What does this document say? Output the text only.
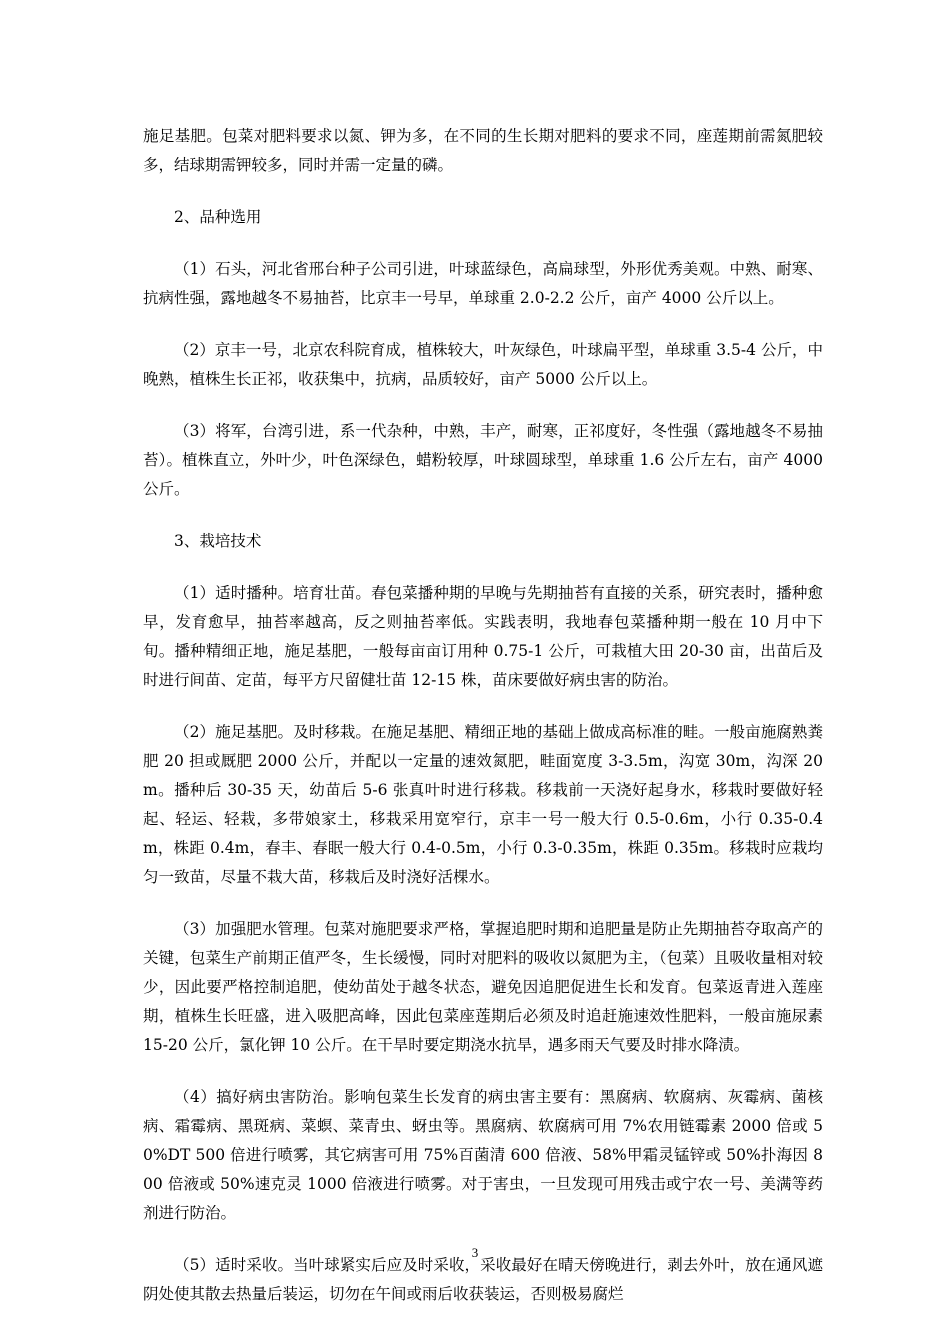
施足基肥。包菜对肥料要求以氮、钾为多，在不同的生长期对肥料的要求不同，座莲期前需氮肥较多，结球期需钾较多，同时并需一定量的磷。

2、品种选用

（1）石头，河北省邢台种子公司引进，叶球蓝绿色，高扁球型，外形优秀美观。中熟、耐寒、抗病性强，露地越冬不易抽苔，比京丰一号早，单球重 2.0-2.2 公斤，亩产 4000 公斤以上。

（2）京丰一号，北京农科院育成，植株较大，叶灰绿色，叶球扁平型，单球重 3.5-4 公斤，中晚熟，植株生长正祁，收获集中，抗病，品质较好，亩产 5000 公斤以上。

（3）将军，台湾引进，系一代杂种，中熟，丰产，耐寒，正祁度好，冬性强（露地越冬不易抽苔）。植株直立，外叶少，叶色深绿色，蜡粉较厚，叶球圆球型，单球重 1.6 公斤左右，亩产 4000 公斤。

3、栽培技术

（1）适时播种。培育壮苗。春包菜播种期的早晚与先期抽苔有直接的关系，研究表时，播种愈早，发育愈早，抽苔率越高，反之则抽苔率低。实践表明，我地春包菜播种期一般在 10 月中下旬。播种精细正地，施足基肥，一般每亩亩订用种 0.75-1 公斤，可栽植大田 20-30 亩，出苗后及时进行间苗、定苗，每平方尺留健壮苗 12-15 株，苗床要做好病虫害的防治。

（2）施足基肥。及时移栽。在施足基肥、精细正地的基础上做成高标准的畦。一般亩施腐熟粪肥 20 担或厩肥 2000 公斤，并配以一定量的速效氮肥，畦面宽度 3-3.5m，沟宽 30m，沟深 20m。播种后 30-35 天，幼苗后 5-6 张真叶时进行移栽。移栽前一天浇好起身水，移栽时要做好轻起、轻运、轻栽，多带娘家土，移栽采用宽窄行，京丰一号一般大行 0.5-0.6m，小行 0.35-0.4m，株距 0.4m，春丰、春眠一般大行 0.4-0.5m，小行 0.3-0.35m，株距 0.35m。移栽时应栽均匀一致苗，尽量不栽大苗，移栽后及时浇好活棵水。

（3）加强肥水管理。包菜对施肥要求严格，掌握追肥时期和追肥量是防止先期抽苔夺取高产的关键，包菜生产前期正值严冬，生长缓慢，同时对肥料的吸收以氮肥为主，（包菜）且吸收量相对较少，因此要严格控制追肥，使幼苗处于越冬状态，避免因追肥促进生长和发育。包菜返青进入莲座期，植株生长旺盛，进入吸肥高峰，因此包菜座莲期后必须及时追赶施速效性肥料，一般亩施尿素 15-20 公斤，氯化钾 10 公斤。在干旱时要定期浇水抗旱，遇多雨天气要及时排水降渍。

（4）搞好病虫害防治。影响包菜生长发育的病虫害主要有：黑腐病、软腐病、灰霉病、菌核病、霜霉病、黑斑病、菜螟、菜青虫、蚜虫等。黑腐病、软腐病可用 7%农用链霉素 2000 倍或 50%DT 500 倍进行喷雾，其它病害可用 75%百菌清 600 倍液、58%甲霜灵锰锌或 50%扑海因 800 倍液或 50%速克灵 1000 倍液进行喷雾。对于害虫，一旦发现可用残击或宁农一号、美满等药剂进行防治。

（5）适时采收。当叶球紧实后应及时采收，采收最好在晴天傍晚进行，剥去外叶，放在通风遮阴处使其散去热量后装运，切勿在午间或雨后收获装运，否则极易腐烂

3
